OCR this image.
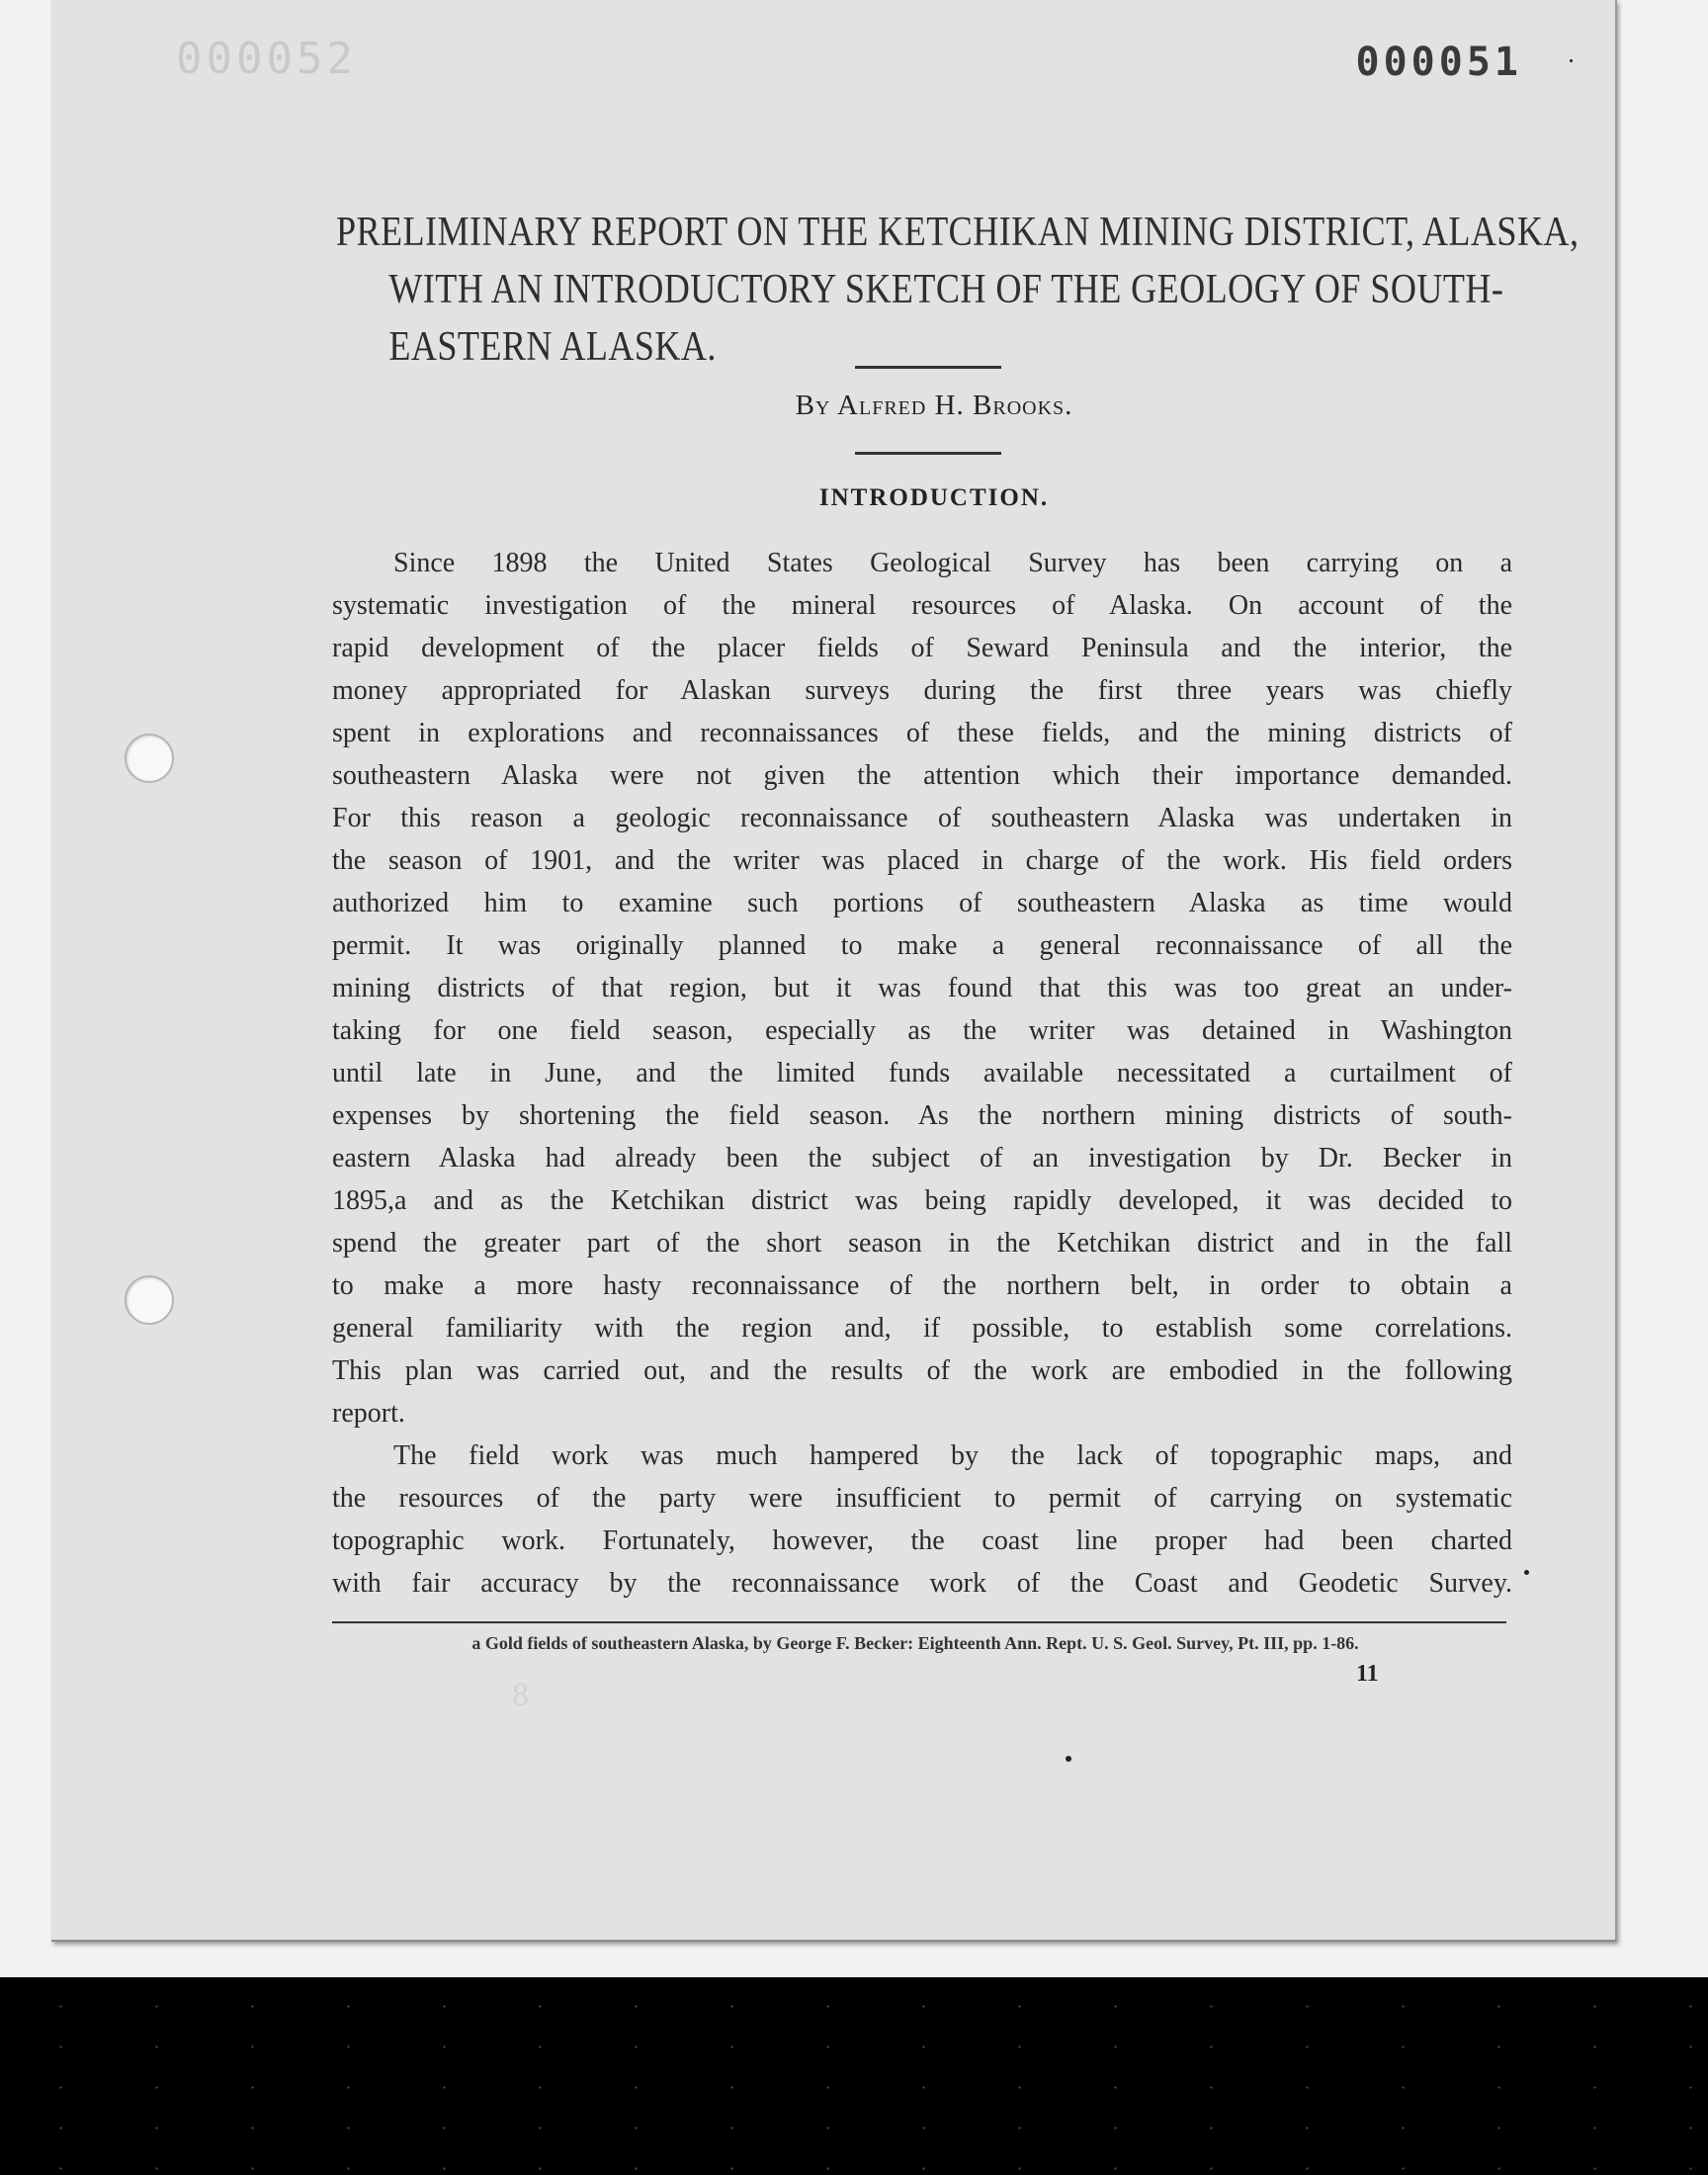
000052	000051
PRELIMINARY REPORT ON THE KETCHIKAN MINING DISTRICT, ALASKA,
WITH AN INTRODUCTORY SKETCH OF THE GEOLOGY OF SOUTH-
EASTERN ALASKA.
By Alfred H. Brooks.
INTRODUCTION.
Since 1898 the United States Geological Survey has been carrying on a
systematic investigation of the mineral resources of Alaska. On account of the
rapid development of the placer fields of Seward Peninsula and the interior, the
money appropriated for Alaskan surveys during the first three years was chiefly
spent in explorations and reconnaissances of these fields, and the mining districts of
southeastern Alaska were not given the attention which their importance demanded.
For this reason a geologic reconnaissance of southeastern Alaska was undertaken in
the season of 1901, and the writer was placed in charge of the work. His field orders
authorized him to examine such portions of southeastern Alaska as time would
permit. It was originally planned to make a general reconnaissance of all the
mining districts of that region, but it was found that this was too great an under-
taking for one field season, especially as the writer was detained in Washington
until late in June, and the limited funds available necessitated a curtailment of
expenses by shortening the field season. As the northern mining districts of south-
eastern Alaska had already been the subject of an investigation by Dr. Becker in
1895,a and as the Ketchikan district was being rapidly developed, it was decided to
spend the greater part of the short season in the Ketchikan district and in the fall
to make a more hasty reconnaissance of the northern belt, in order to obtain a
general familiarity with the region and, if possible, to establish some correlations.
This plan was carried out, and the results of the work are embodied in the following
report.
The field work was much hampered by the lack of topographic maps, and
the resources of the party were insufficient to permit of carrying on systematic
topographic work. Fortunately, however, the coast line proper had been charted
with fair accuracy by the reconnaissance work of the Coast and Geodetic Survey.
a Gold fields of southeastern Alaska, by George F. Becker: Eighteenth Ann. Rept. U. S. Geol. Survey, Pt. III, pp. 1-86.
11
8
